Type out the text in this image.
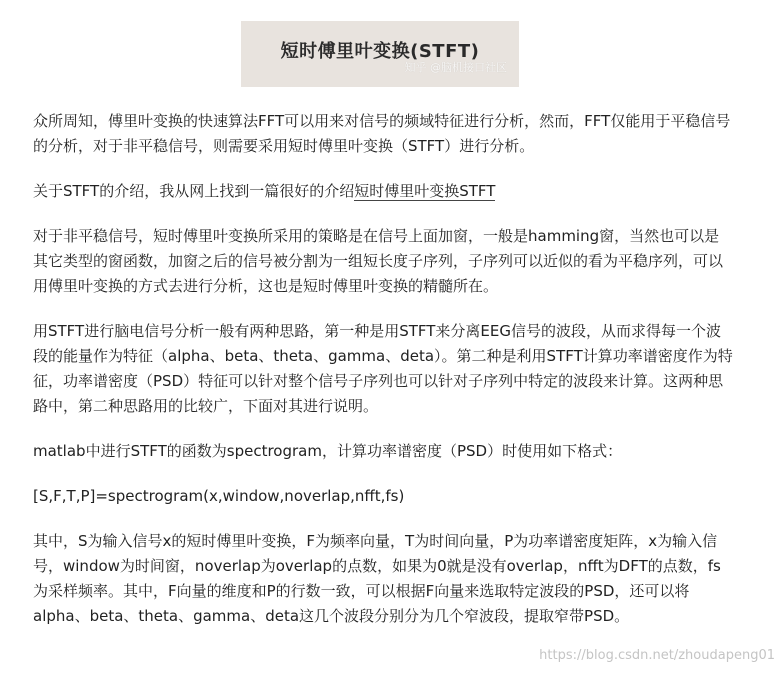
短时傅里叶变换(STFT)
知乎 @脑机接口社区

众所周知，傅里叶变换的快速算法FFT可以用来对信号的频域特征进行分析，然而，FFT仅能用于平稳信号的分析，对于非平稳信号，则需要采用短时傅里叶变换（STFT）进行分析。

关于STFT的介绍，我从网上找到一篇很好的介绍短时傅里叶变换STFT

对于非平稳信号，短时傅里叶变换所采用的策略是在信号上面加窗，一般是hamming窗，当然也可以是其它类型的窗函数，加窗之后的信号被分割为一组短长度子序列，子序列可以近似的看为平稳序列，可以用傅里叶变换的方式去进行分析，这也是短时傅里叶变换的精髓所在。

用STFT进行脑电信号分析一般有两种思路，第一种是用STFT来分离EEG信号的波段，从而求得每一个波段的能量作为特征（alpha、beta、theta、gamma、deta）。第二种是利用STFT计算功率谱密度作为特征，功率谱密度（PSD）特征可以针对整个信号子序列也可以针对子序列中特定的波段来计算。这两种思路中，第二种思路用的比较广，下面对其进行说明。

matlab中进行STFT的函数为spectrogram，计算功率谱密度（PSD）时使用如下格式：

[S,F,T,P]=spectrogram(x,window,noverlap,nfft,fs)

其中，S为输入信号x的短时傅里叶变换，F为频率向量，T为时间向量，P为功率谱密度矩阵，x为输入信号，window为时间窗，noverlap为overlap的点数，如果为0就是没有overlap，nfft为DFT的点数，fs为采样频率。其中，F向量的维度和P的行数一致，可以根据F向量来选取特定波段的PSD，还可以将alpha、beta、theta、gamma、deta这几个波段分别分为几个窄波段，提取窄带PSD。

https://blog.csdn.net/zhoudapeng01
